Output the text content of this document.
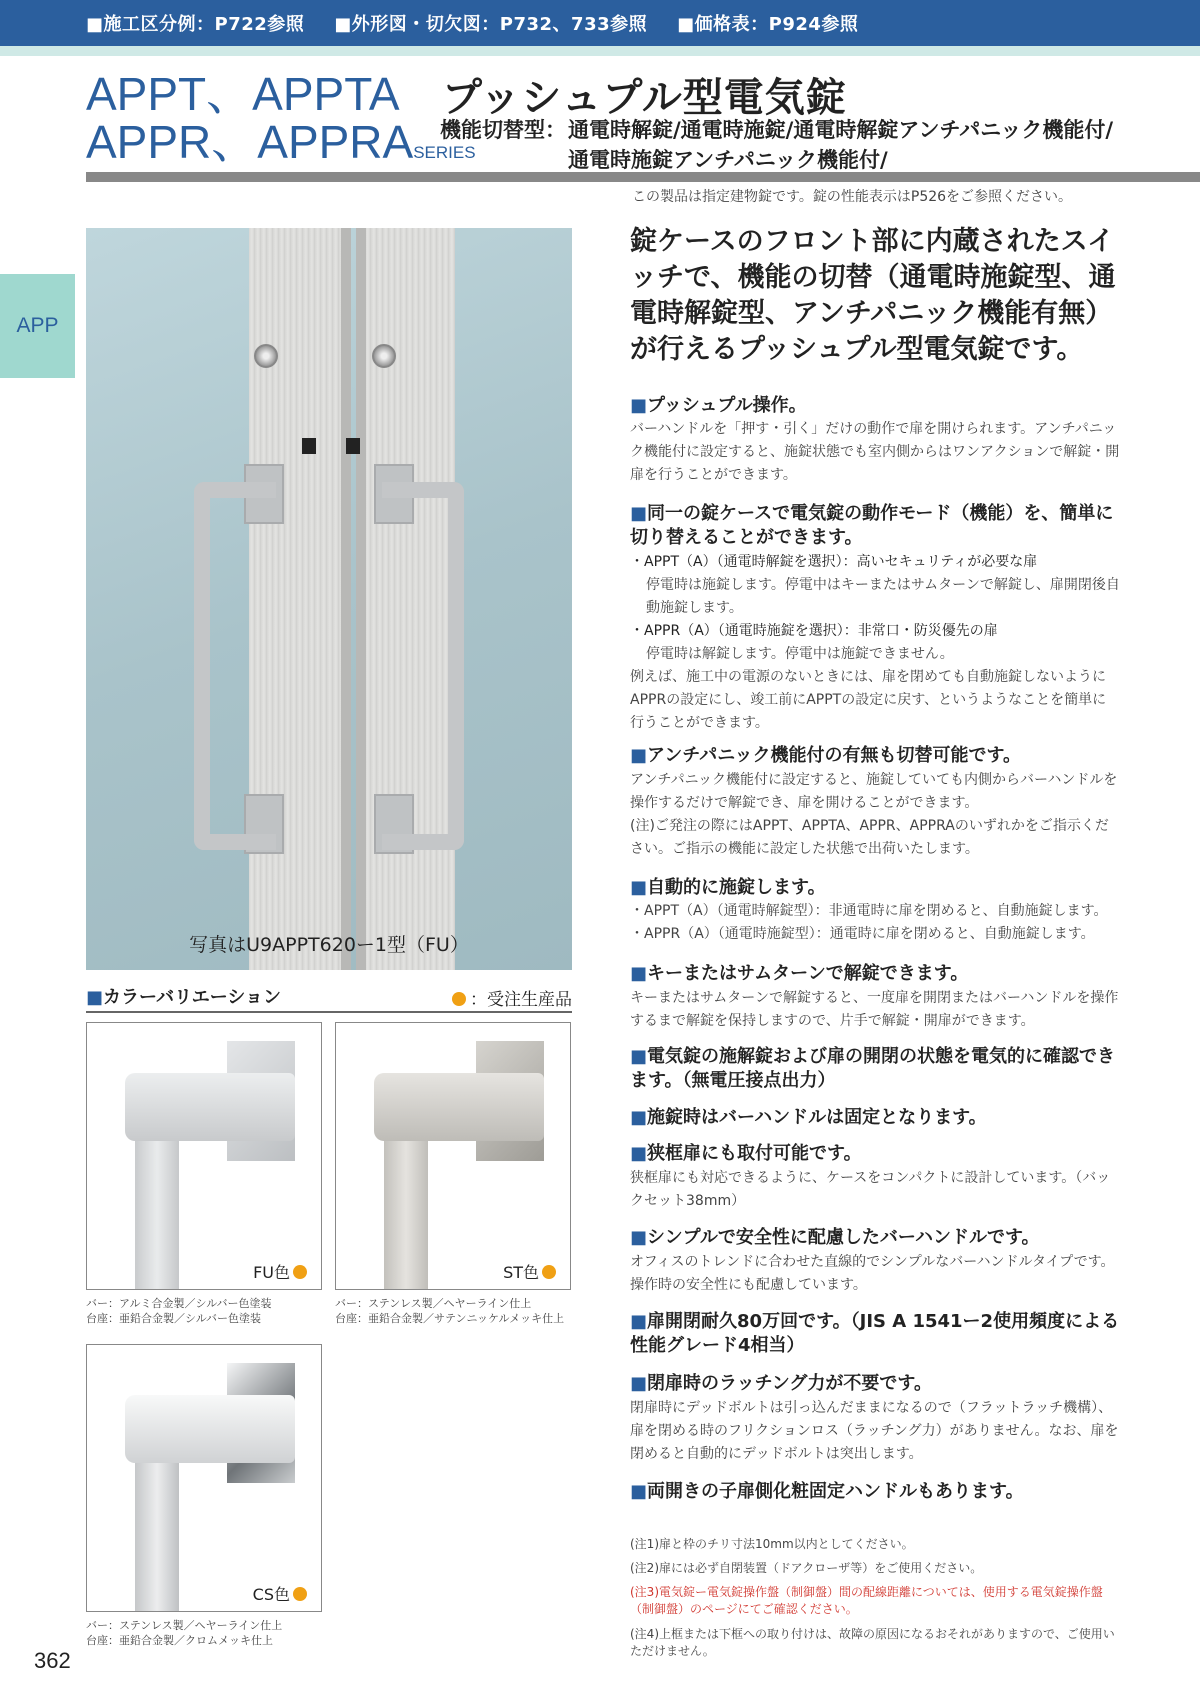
■施工区分例：P722参照 ■外形図・切欠図：P732、733参照 ■価格表：P924参照
APPT、APPTA
APPR、APPRASERIES
プッシュプル型電気錠
機能切替型： 通電時解錠/通電時施錠/通電時解錠アンチパニック機能付/
通電時施錠アンチパニック機能付/
この製品は指定建物錠です。錠の性能表示はP526をご参照ください。
APP
写真はU9APPT620ー1型（FU）
■カラーバリエーション	：受注生産品
FU色
バー：アルミ合金製／シルバー色塗装
台座：亜鉛合金製／シルバー色塗装
ST色
バー：ステンレス製／ヘヤーライン仕上
台座：亜鉛合金製／サテンニッケルメッキ仕上
CS色
バー：ステンレス製／ヘヤーライン仕上
台座：亜鉛合金製／クロムメッキ仕上
錠ケースのフロント部に内蔵されたスイッチで、機能の切替（通電時施錠型、通電時解錠型、アンチパニック機能有無）が行えるプッシュプル型電気錠です。
■プッシュプル操作。
バーハンドルを「押す・引く」だけの動作で扉を開けられます。アンチパニック機能付に設定すると、施錠状態でも室内側からはワンアクションで解錠・開扉を行うことができます。
■同一の錠ケースで電気錠の動作モード（機能）を、簡単に切り替えることができます。
・APPT（A）（通電時解錠を選択）：高いセキュリティが必要な扉
停電時は施錠します。停電中はキーまたはサムターンで解錠し、扉開閉後自動施錠します。
・APPR（A）（通電時施錠を選択）：非常口・防災優先の扉
停電時は解錠します。停電中は施錠できません。
例えば、施工中の電源のないときには、扉を閉めても自動施錠しないようにAPPRの設定にし、竣工前にAPPTの設定に戻す、というようなことを簡単に行うことができます。
■アンチパニック機能付の有無も切替可能です。
アンチパニック機能付に設定すると、施錠していても内側からバーハンドルを操作するだけで解錠でき、扉を開けることができます。
(注)ご発注の際にはAPPT、APPTA、APPR、APPRAのいずれかをご指示ください。ご指示の機能に設定した状態で出荷いたします。
■自動的に施錠します。
・APPT（A）（通電時解錠型）：非通電時に扉を閉めると、自動施錠します。
・APPR（A）（通電時施錠型）：通電時に扉を閉めると、自動施錠します。
■キーまたはサムターンで解錠できます。
キーまたはサムターンで解錠すると、一度扉を開閉またはバーハンドルを操作するまで解錠を保持しますので、片手で解錠・開扉ができます。
■電気錠の施解錠および扉の開閉の状態を電気的に確認できます。（無電圧接点出力）
■施錠時はバーハンドルは固定となります。
■狭框扉にも取付可能です。
狭框扉にも対応できるように、ケースをコンパクトに設計しています。（バックセット38mm）
■シンプルで安全性に配慮したバーハンドルです。
オフィスのトレンドに合わせた直線的でシンプルなバーハンドルタイプです。操作時の安全性にも配慮しています。
■扉開閉耐久80万回です。（JIS A 1541ー2使用頻度による性能グレード4相当）
■閉扉時のラッチング力が不要です。
閉扉時にデッドボルトは引っ込んだままになるので（フラットラッチ機構）、扉を閉める時のフリクションロス（ラッチング力）がありません。なお、扉を閉めると自動的にデッドボルトは突出します。
■両開きの子扉側化粧固定ハンドルもあります。
(注1)扉と枠のチリ寸法10mm以内としてください。
(注2)扉には必ず自閉装置（ドアクローザ等）をご使用ください。
(注3)電気錠ー電気錠操作盤（制御盤）間の配線距離については、使用する電気錠操作盤（制御盤）のページにてご確認ください。
(注4)上框または下框への取り付けは、故障の原因になるおそれがありますので、ご使用いただけません。
362
